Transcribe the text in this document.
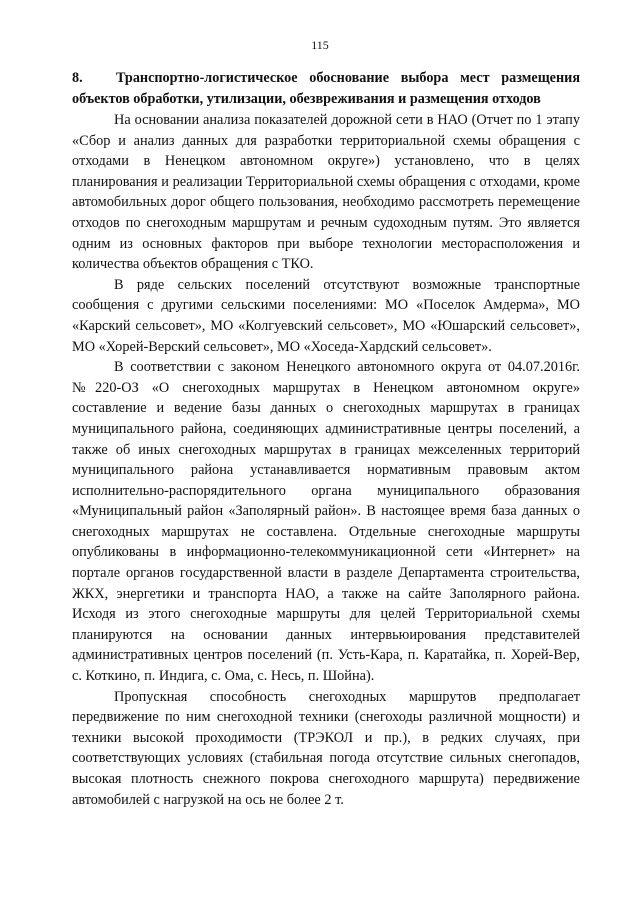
115
8. Транспортно-логистическое обоснование выбора мест размещения объектов обработки, утилизации, обезвреживания и размещения отходов

На основании анализа показателей дорожной сети в НАО (Отчет по 1 этапу «Сбор и анализ данных для разработки территориальной схемы обращения с отходами в Ненецком автономном округе») установлено, что в целях планирования и реализации Территориальной схемы обращения с отходами, кроме автомобильных дорог общего пользования, необходимо рассмотреть перемещение отходов по снегоходным маршрутам и речным судоходным путям. Это является одним из основных факторов при выборе технологии месторасположения и количества объектов обращения с ТКО.

В ряде сельских поселений отсутствуют возможные транспортные сообщения с другими сельскими поселениями: МО «Поселок Амдерма», МО «Карский сельсовет», МО «Колгуевский сельсовет», МО «Юшарский сельсовет», МО «Хорей-Верский сельсовет», МО «Хоседа-Хардский сельсовет».

В соответствии с законом Ненецкого автономного округа от 04.07.2016г. №220-ОЗ «О снегоходных маршрутах в Ненецком автономном округе» составление и ведение базы данных о снегоходных маршрутах в границах муниципального района, соединяющих административные центры поселений, а также об иных снегоходных маршрутах в границах межселенных территорий муниципального района устанавливается нормативным правовым актом исполнительно-распорядительного органа муниципального образования «Муниципальный район «Заполярный район». В настоящее время база данных о снегоходных маршрутах не составлена. Отдельные снегоходные маршруты опубликованы в информационно-телекоммуникационной сети «Интернет» на портале органов государственной власти в разделе Департамента строительства, ЖКХ, энергетики и транспорта НАО, а также на сайте Заполярного района. Исходя из этого снегоходные маршруты для целей Территориальной схемы планируются на основании данных интервьюирования представителей административных центров поселений (п. Усть-Кара, п. Каратайка, п. Хорей-Вер, с. Коткино, п. Индига, с. Ома, с. Несь, п. Шойна).

Пропускная способность снегоходных маршрутов предполагает передвижение по ним снегоходной техники (снегоходы различной мощности) и техники высокой проходимости (ТРЭКОЛ и пр.), в редких случаях, при соответствующих условиях (стабильная погода отсутствие сильных снегопадов, высокая плотность снежного покрова снегоходного маршрута) передвижение автомобилей с нагрузкой на ось не более 2 т.
